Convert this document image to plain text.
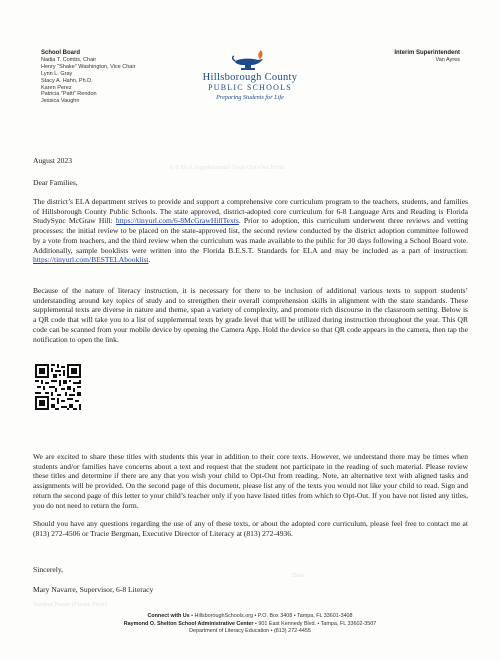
School Board
Nadia T. Combs, Chair
Henry "Shake" Washington, Vice Chair
Lynn L. Gray
Stacy A. Hahn, Ph.D.
Karen Perez
Patricia "Patti" Rendon
Jessica Vaughn
Hillsborough County
PUBLIC SCHOOLS
Preparing Students for Life
Interim Superintendent
Van Ayres
August 2023
6-8 ELA Supplemental Texts Opt-Out Form
Dear Families,
The district’s ELA department strives to provide and support a comprehensive core curriculum program to the teachers, students, and families of Hillsborough County Public Schools. The state approved, district-adopted core curriculum for 6-8 Language Arts and Reading is Florida StudySync McGraw Hill: https://tinyurl.com/6-8McGrawHillTexts. Prior to adoption, this curriculum underwent three reviews and vetting processes: the initial review to be placed on the state-approved list, the second review conducted by the district adoption committee followed by a vote from teachers, and the third review when the curriculum was made available to the public for 30 days following a School Board vote. Additionally, sample booklists were written into the Florida B.E.S.T. Standards for ELA and may be included as a part of instruction: https://tinyurl.com/BESTELAbooklist.
Because of the nature of literacy instruction, it is necessary for there to be inclusion of additional various texts to support students’ understanding around key topics of study and to strengthen their overall comprehension skills in alignment with the state standards. These supplemental texts are diverse in nature and theme, span a variety of complexity, and promote rich discourse in the classroom setting. Below is a QR code that will take you to a list of supplemental texts by grade level that will be utilized during instruction throughout the year. This QR code can be scanned from your mobile device by opening the Camera App. Hold the device so that QR code appears in the camera, then tap the notification to open the link.
We are excited to share these titles with students this year in addition to their core texts. However, we understand there may be times when students and/or families have concerns about a text and request that the student not participate in the reading of such material. Please review these titles and determine if there are any that you wish your child to Opt-Out from reading. Note, an alternative text with aligned tasks and assignments will be provided. On the second page of this document, please list any of the texts you would not like your child to read. Sign and return the second page of this letter to your child’s teacher only if you have listed titles from which to Opt-Out. If you have not listed any titles, you do not need to return the form.
Should you have any questions regarding the use of any of these texts, or about the adopted core curriculum, please feel free to contact me at (813) 272-4506 or Tracie Bergman, Executive Director of Literacy at (813) 272-4936.
Sincerely,
Date
Mary Navarre, Supervisor, 6-8 Literacy
Student Name (Please Print)
Connect with Us • HillsboroughSchools.org • P.O. Box 3408 • Tampa, FL 33601-3408
Raymond O. Shelton School Administrative Center • 901 East Kennedy Blvd. • Tampa, FL 33602-3507
Department of Literacy Education • (813) 272-4455
